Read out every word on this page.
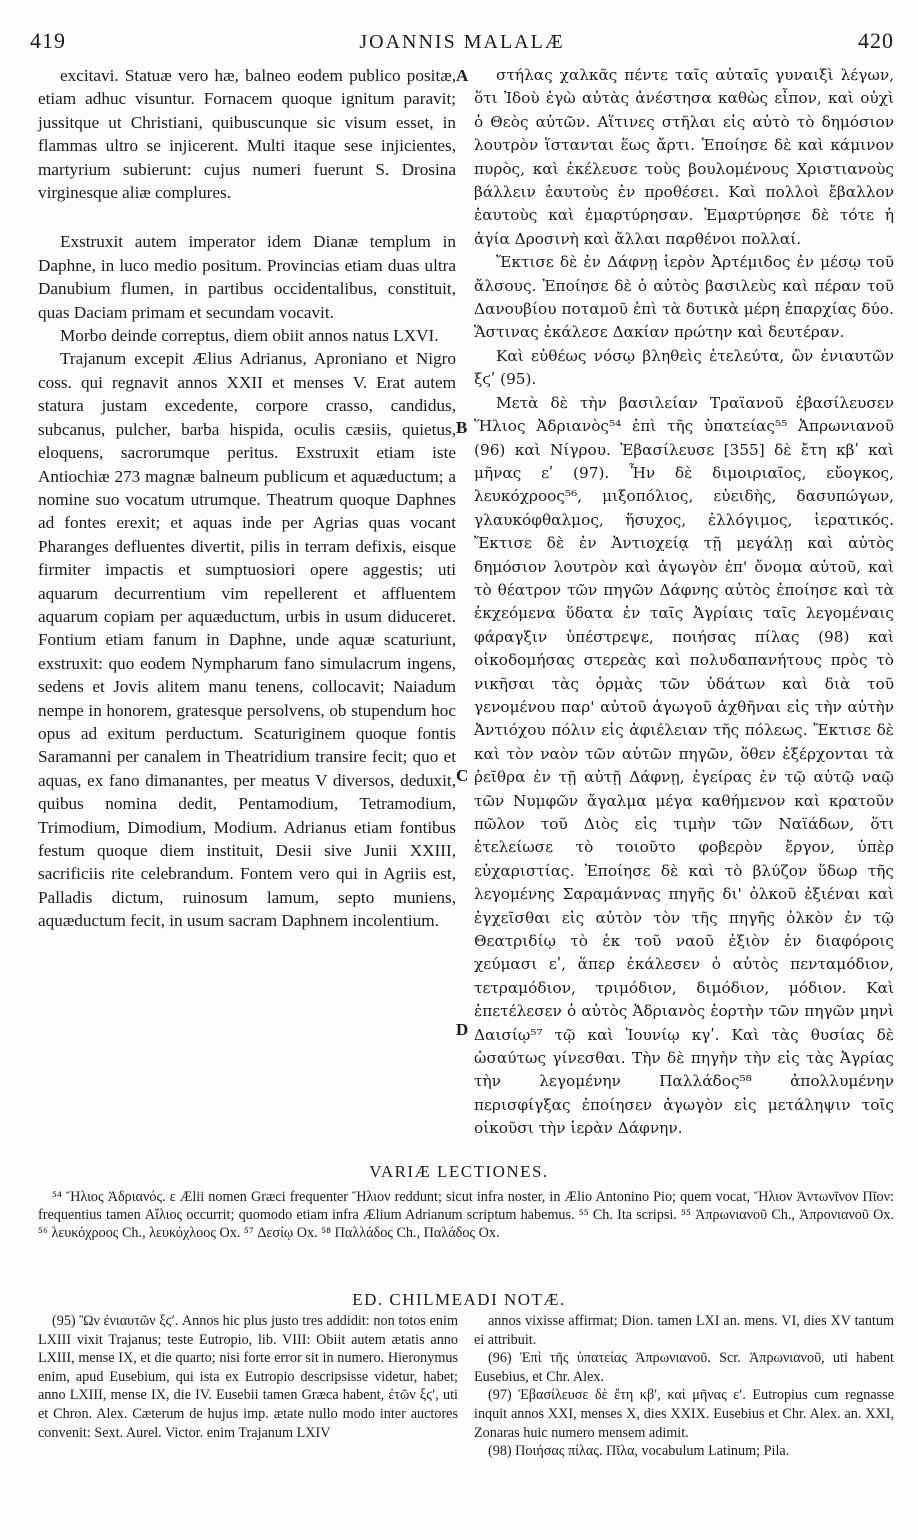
419	JOANNIS MALALÆ	420

excitavi. Statuæ vero hæ, balneo eodem publico positæ, etiam adhuc visuntur. Fornacem quoque ignitum paravit; jussitque ut Christiani, quibuscunque sic visum esset, in flammas ultro se injicerent. Multi itaque sese injicientes, martyrium subierunt: cujus numeri fuerunt S. Drosina virginesque aliæ complures.

Exstruxit autem imperator idem Dianæ templum in Daphne, in luco medio positum. Provincias etiam duas ultra Danubium flumen, in partibus occidentalibus, constituit, quas Daciam primam et secundam vocavit.

Morbo deinde correptus, diem obiit annos natus LXVI.

Trajanum excepit Ælius Adrianus, Aproniano et Nigro coss. qui regnavit annos XXII et menses V. Erat autem statura justam excedente, corpore crasso, candidus, subcanus, pulcher, barba hispida, oculis cæsiis, quietus, eloquens, sacrorumque peritus. Exstruxit etiam iste Antiochiæ 273 magnæ balneum publicum et aquæductum; a nomine suo vocatum utrumque. Theatrum quoque Daphnes ad fontes erexit; et aquas inde per Agrias quas vocant Pharanges defluentes divertit, pilis in terram defixis, eisque firmiter impactis et sumptuosiori opere aggestis; uti aquarum decurrentium vim repellerent et affluentem aquarum copiam per aquæductum, urbis in usum diduceret. Fontium etiam fanum in Daphne, unde aquæ scaturiunt, exstruxit: quo eodem Nympharum fano simulacrum ingens, sedens et Jovis alitem manu tenens, collocavit; Naiadum nempe in honorem, gratesque persolvens, ob stupendum hoc opus ad exitum perductum. Scaturiginem quoque fontis Saramanni per canalem in Theatridium transire fecit; quo et aquas, ex fano dimanantes, per meatus V diversos, deduxit, quibus nomina dedit, Pentamodium, Tetramodium, Trimodium, Dimodium, Modium. Adrianus etiam fontibus festum quoque diem instituit, Desii sive Junii XXIII, sacrificiis rite celebrandum. Fontem vero qui in Agriis est, Palladis dictum, ruinosum lamum, septo muniens, aquæductum fecit, in usum sacram Daphnem incolentium.

στήλας χαλκᾶς πέντε ταῖς αὐταῖς γυναιξὶ λέγων, ὅτι Ἰδοὺ ἐγὼ αὐτὰς ἀνέστησα καθὼς εἶπον, καὶ οὐχὶ ὁ Θεὸς αὐτῶν. Αἵτινες στῆλαι εἰς αὐτὸ τὸ δημόσιον λουτρὸν ἵστανται ἕως ἄρτι. Ἐποίησε δὲ καὶ κάμινον πυρὸς, καὶ ἐκέλευσε τοὺς βουλομένους Χριστιανοὺς βάλλειν ἑαυτοὺς ἐν προθέσει. Καὶ πολλοὶ ἔβαλλον ἑαυτοὺς καὶ ἐμαρτύρησαν. Ἐμαρτύρησε δὲ τότε ἡ ἁγία Δροσινὴ καὶ ἄλλαι παρθένοι πολλαί.

Ἔκτισε δὲ ἐν Δάφνῃ ἱερὸν Ἀρτέμιδος ἐν μέσῳ τοῦ ἄλσους. Ἐποίησε δὲ ὁ αὐτὸς βασιλεὺς καὶ πέραν τοῦ Δανουβίου ποταμοῦ ἐπὶ τὰ δυτικὰ μέρη ἐπαρχίας δύο. Ἅστινας ἐκάλεσε Δακίαν πρώτην καὶ δευτέραν.

Καὶ εὐθέως νόσῳ βληθεὶς ἐτελεύτα, ὢν ἐνιαυτῶν ξϛʹ (95).

Μετὰ δὲ τὴν βασιλείαν Τραϊανοῦ ἐβασίλευσεν Ἥλιος Ἀδριανὸς⁵⁴ ἐπὶ τῆς ὑπατείας⁵⁵ Ἀπρωνιανοῦ (96) καὶ Νίγρου. Ἐβασίλευσε [355] δὲ ἔτη κβʹ καὶ μῆνας εʹ (97). Ἦν δὲ διμοιριαῖος, εὔογκος, λευκόχροος⁵⁶, μιξοπόλιος, εὐειδὴς, δασυπώγων, γλαυκόφθαλμος, ἥσυχος, ἐλλόγιμος, ἱερατικός. Ἔκτισε δὲ ἐν Ἀντιοχείᾳ τῇ μεγάλῃ καὶ αὐτὸς δημόσιον λουτρὸν καὶ ἀγωγὸν ἐπ' ὄνομα αὐτοῦ, καὶ τὸ θέατρον τῶν πηγῶν Δάφνης αὐτὸς ἐποίησε καὶ τὰ ἐκχεόμενα ὕδατα ἐν ταῖς Ἀγρίαις ταῖς λεγομέναις φάραγξιν ὑπέστρεψε, ποιήσας πίλας (98) καὶ οἰκοδομήσας στερεὰς καὶ πολυδαπανήτους πρὸς τὸ νικῆσαι τὰς ὁρμὰς τῶν ὑδάτων καὶ διὰ τοῦ γενομένου παρ' αὐτοῦ ἀγωγοῦ ἀχθῆναι εἰς τὴν αὐτὴν Ἀντιόχου πόλιν εἰς ἀφιέλειαν τῆς πόλεως. Ἔκτισε δὲ καὶ τὸν ναὸν τῶν αὐτῶν πηγῶν, ὅθεν ἐξέρχονται τὰ ῥεῖθρα ἐν τῇ αὐτῇ Δάφνῃ, ἐγείρας ἐν τῷ αὐτῷ ναῷ τῶν Νυμφῶν ἄγαλμα μέγα καθήμενον καὶ κρατοῦν πῶλον τοῦ Διὸς εἰς τιμὴν τῶν Ναϊάδων, ὅτι ἐτελείωσε τὸ τοιοῦτο φοβερὸν ἔργον, ὑπὲρ εὐχαριστίας. Ἐποίησε δὲ καὶ τὸ βλύζον ὕδωρ τῆς λεγομένης Σαραμάννας πηγῆς δι' ὀλκοῦ ἐξιέναι καὶ ἐγχεῖσθαι εἰς αὐτὸν τὸν τῆς πηγῆς ὀλκὸν ἐν τῷ Θεατριδίῳ τὸ ἐκ τοῦ ναοῦ ἐξιὸν ἐν διαφόροις χεύμασι εʹ, ἅπερ ἐκάλεσεν ὁ αὐτὸς πενταμόδιον, τετραμόδιον, τριμόδιον, διμόδιον, μόδιον. Καὶ ἐπετέλεσεν ὁ αὐτὸς Ἀδριανὸς ἑορτὴν τῶν πηγῶν μηνὶ Δαισίῳ⁵⁷ τῷ καὶ Ἰουνίῳ κγʹ. Καὶ τὰς θυσίας δὲ ὡσαύτως γίνεσθαι. Τὴν δὲ πηγὴν τὴν εἰς τὰς Ἀγρίας τὴν λεγομένην Παλλάδος⁵⁸ ἀπολλυμένην περισφίγξας ἐποίησεν ἀγωγὸν εἰς μετάληψιν τοῖς οἰκοῦσι τὴν ἱερὰν Δάφνην.

A
B
C
D
VARIÆ LECTIONES.

⁵⁴ Ἤλιος Ἀδριανός. ε Ælii nomen Græci frequenter Ἥλιον reddunt; sicut infra noster, in Ælio Antonino Pio; quem vocat, Ἥλιον Ἀντωνῖνον Πῖον: frequentius tamen Αἴλιος occurrit; quomodo etiam infra Ælium Adrianum scriptum habemus. ⁵⁵ Ch. Ita scripsi. ⁵⁵ Ἀπρωνιανοῦ Ch., Ἀπρονιανοῦ Ox. ⁵⁶ λευκόχροος Ch., λευκόχλοος Ox. ⁵⁷ Δεσίῳ Ox. ⁵⁸ Παλλάδος Ch., Παλάδος Ox.

ED. CHILMEADI NOTÆ.

(95) Ὢν ἐνιαυτῶν ξϛʹ. Annos hic plus justo tres addidit: non totos enim LXIII vixit Trajanus; teste Eutropio, lib. VIII: Obiit autem ætatis anno LXIII, mense IX, et die quarto; nisi forte error sit in numero. Hieronymus enim, apud Eusebium, qui ista ex Eutropio descripsisse videtur, habet; anno LXIII, mense IX, die IV. Eusebii tamen Græca habent, ἐτῶν ξϛʹ, uti et Chron. Alex. Cæterum de hujus imp. ætate nullo modo inter auctores convenit: Sext. Aurel. Victor. enim Trajanum LXIV

annos vixisse affirmat; Dion. tamen LXI an. mens. VI, dies XV tantum ei attribuit.

(96) Ἐπὶ τῆς ὑπατείας Ἀπρωνιανοῦ. Scr. Ἀπρωνιανοῦ, uti habent Eusebius, et Chr. Alex.

(97) Ἐβασίλευσε δὲ ἔτη κβʹ, καὶ μῆνας εʹ. Eutropius cum regnasse inquit annos XXI, menses X, dies XXIX. Eusebius et Chr. Alex. an. XXI, Zonaras huic numero mensem adimit.

(98) Ποιήσας πίλας. Πῖλα, vocabulum Latinum; Pila.
